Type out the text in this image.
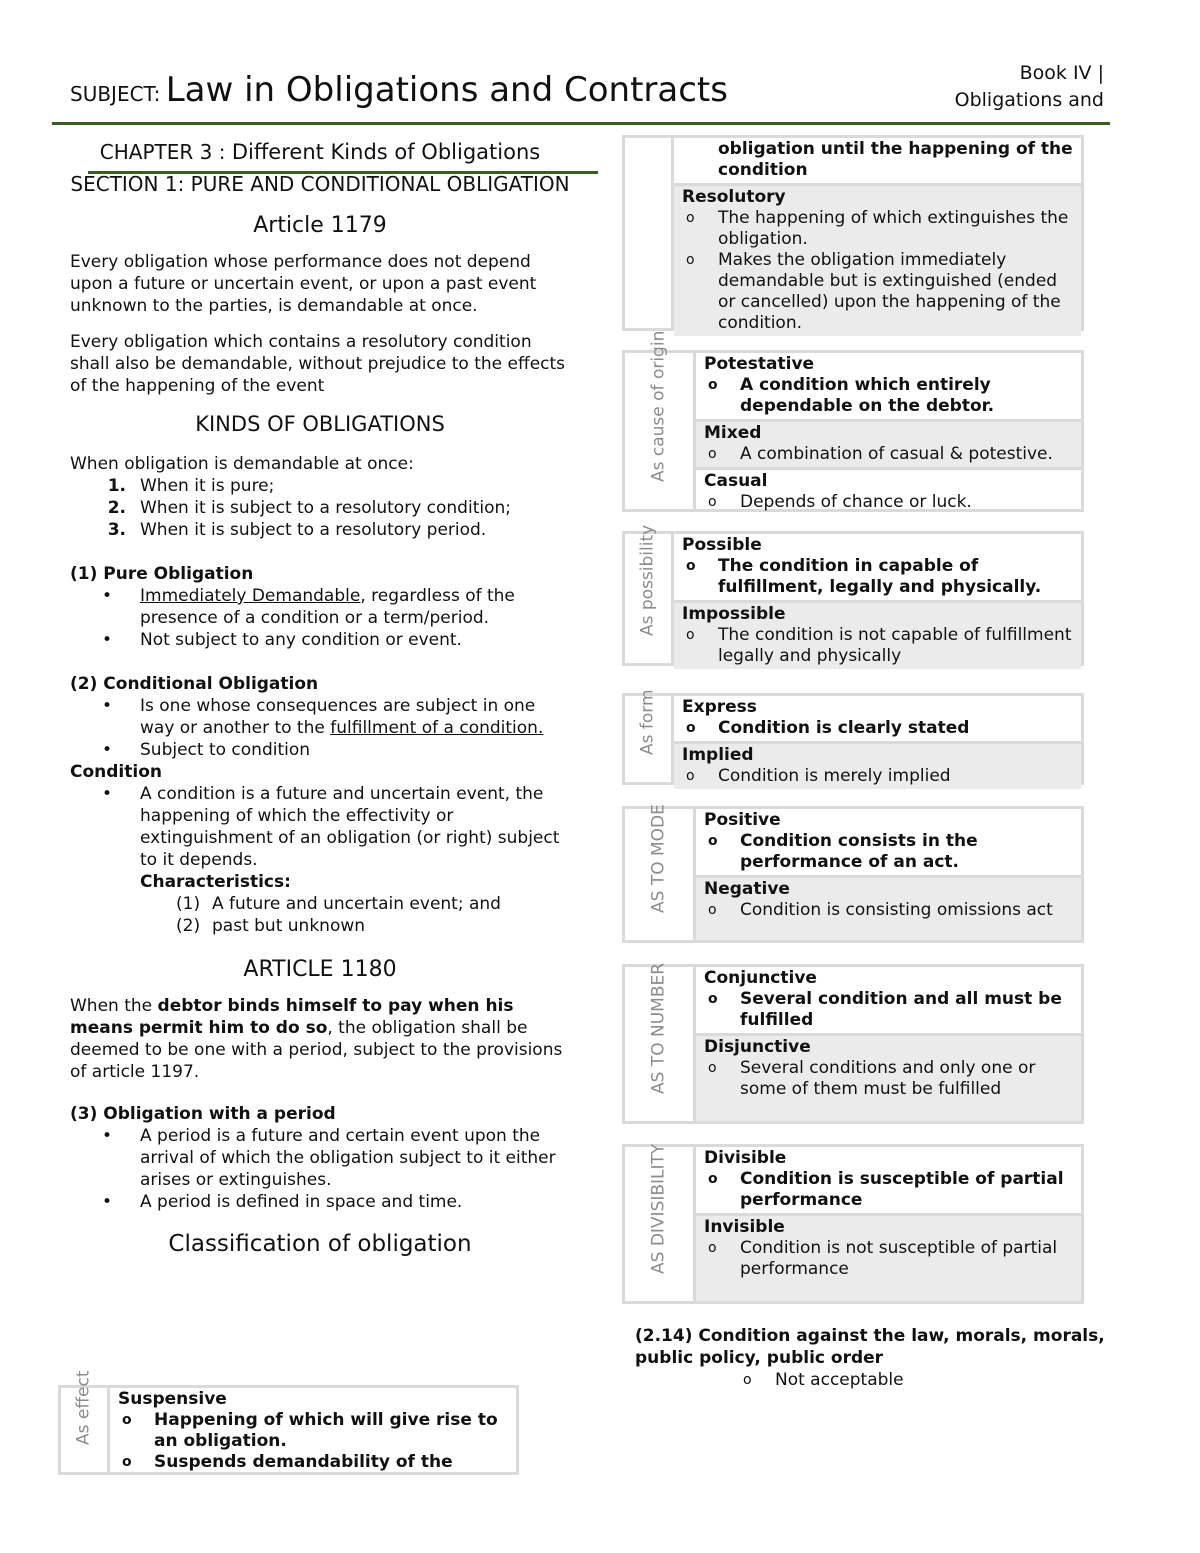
SUBJECT: Law in Obligations and Contracts	Book IV |
Obligations and
CHAPTER 3 : Different Kinds of Obligations
SECTION 1: PURE AND CONDITIONAL OBLIGATION
Article 1179

Every obligation whose performance does not depend upon a future or uncertain event, or upon a past event unknown to the parties, is demandable at once.

Every obligation which contains a resolutory condition shall also be demandable, without prejudice to the effects of the happening of the event

KINDS OF OBLIGATIONS
When obligation is demandable at once:
1. When it is pure;
2. When it is subject to a resolutory condition;
3. When it is subject to a resolutory period.
(1) Pure Obligation
• Immediately Demandable, regardless of the presence of a condition or a term/period.
• Not subject to any condition or event.
(2) Conditional Obligation
• Is one whose consequences are subject in one way or another to the fulfillment of a condition.
• Subject to condition
Condition
• A condition is a future and uncertain event, the happening of which the effectivity or extinguishment of an obligation (or right) subject to it depends.
Characteristics:
(1) A future and uncertain event; and
(2) past but unknown
ARTICLE 1180

When the debtor binds himself to pay when his means permit him to do so, the obligation shall be deemed to be one with a period, subject to the provisions of article 1197.

(3) Obligation with a period
• A period is a future and certain event upon the arrival of which the obligation subject to it either arises or extinguishes.
• A period is defined in space and time.
Classification of obligation
As effect Suspensive
o Happening of which will give rise to an obligation.
o Suspends demandability of the
obligation until the happening of the condition
Resolutory
o The happening of which extinguishes the obligation.
o Makes the obligation immediately demandable but is extinguished (ended or cancelled) upon the happening of the condition.
As cause of origin Potestative
o A condition which entirely dependable on the debtor.
Mixed
o A combination of casual & potestive.
Casual
o Depends of chance or luck.
As possibility Possible
o The condition in capable of fulfillment, legally and physically.
Impossible
o The condition is not capable of fulfillment legally and physically
As form Express
o Condition is clearly stated
Implied
o Condition is merely implied
AS TO MODE Positive
o Condition consists in the performance of an act.
Negative
o Condition is consisting omissions act
AS TO NUMBER Conjunctive
o Several condition and all must be fulfilled
Disjunctive
o Several conditions and only one or some of them must be fulfilled
AS DIVISIBILITY Divisible
o Condition is susceptible of partial performance
Invisible
o Condition is not susceptible of partial performance
(2.14) Condition against the law, morals, morals, public policy, public order
o Not acceptable
